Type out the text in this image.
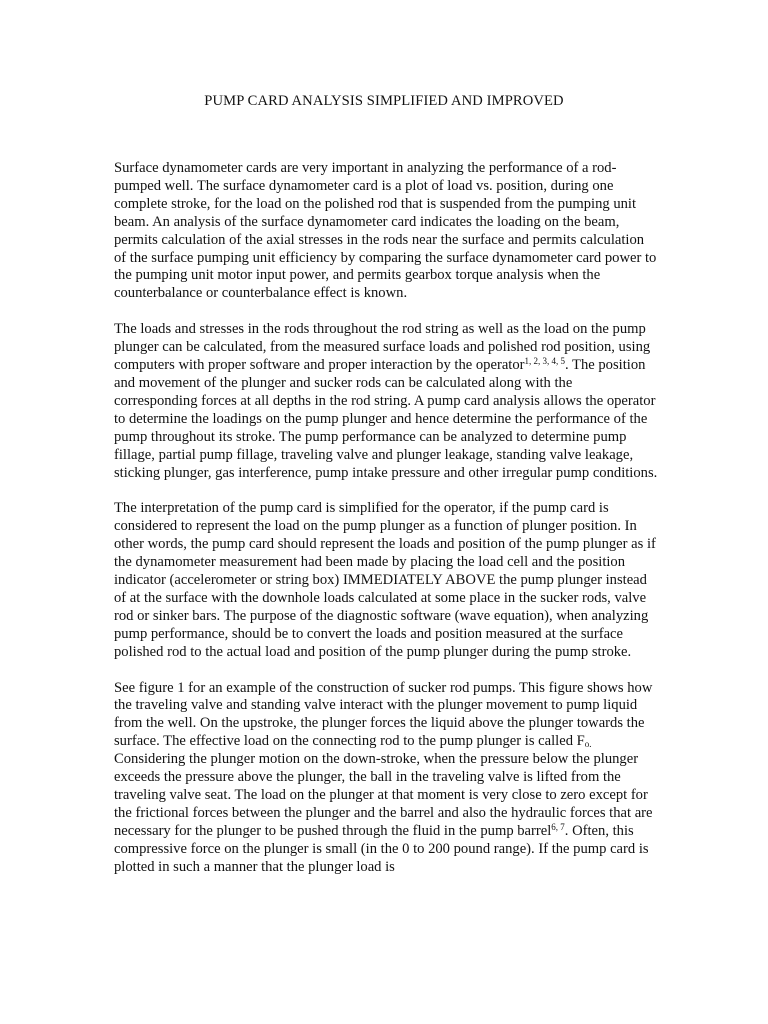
PUMP CARD ANALYSIS SIMPLIFIED AND IMPROVED

Surface dynamometer cards are very important in analyzing the performance of a rod-pumped well. The surface dynamometer card is a plot of load vs. position, during one complete stroke, for the load on the polished rod that is suspended from the pumping unit beam. An analysis of the surface dynamometer card indicates the loading on the beam, permits calculation of the axial stresses in the rods near the surface and permits calculation of the surface pumping unit efficiency by comparing the surface dynamometer card power to the pumping unit motor input power, and permits gearbox torque analysis when the counterbalance or counterbalance effect is known.

The loads and stresses in the rods throughout the rod string as well as the load on the pump plunger can be calculated, from the measured surface loads and polished rod position, using computers with proper software and proper interaction by the operator$^{1, 2, 3, 4, 5}$. The position and movement of the plunger and sucker rods can be calculated along with the corresponding forces at all depths in the rod string. A pump card analysis allows the operator to determine the loadings on the pump plunger and hence determine the performance of the pump throughout its stroke. The pump performance can be analyzed to determine pump fillage, partial pump fillage, traveling valve and plunger leakage, standing valve leakage, sticking plunger, gas interference, pump intake pressure and other irregular pump conditions.

The interpretation of the pump card is simplified for the operator, if the pump card is considered to represent the load on the pump plunger as a function of plunger position. In other words, the pump card should represent the loads and position of the pump plunger as if the dynamometer measurement had been made by placing the load cell and the position indicator (accelerometer or string box) IMMEDIATELY ABOVE the pump plunger instead of at the surface with the downhole loads calculated at some place in the sucker rods, valve rod or sinker bars. The purpose of the diagnostic software (wave equation), when analyzing pump performance, should be to convert the loads and position measured at the surface polished rod to the actual load and position of the pump plunger during the pump stroke.

See figure 1 for an example of the construction of sucker rod pumps. This figure shows how the traveling valve and standing valve interact with the plunger movement to pump liquid from the well. On the upstroke, the plunger forces the liquid above the plunger towards the surface. The effective load on the connecting rod to the pump plunger is called $F_{o.}$ Considering the plunger motion on the down-stroke, when the pressure below the plunger exceeds the pressure above the plunger, the ball in the traveling valve is lifted from the traveling valve seat. The load on the plunger at that moment is very close to zero except for the frictional forces between the plunger and the barrel and also the hydraulic forces that are necessary for the plunger to be pushed through the fluid in the pump barrel$^{6, 7}$. Often, this compressive force on the plunger is small (in the 0 to 200 pound range). If the pump card is plotted in such a manner that the plunger load is
